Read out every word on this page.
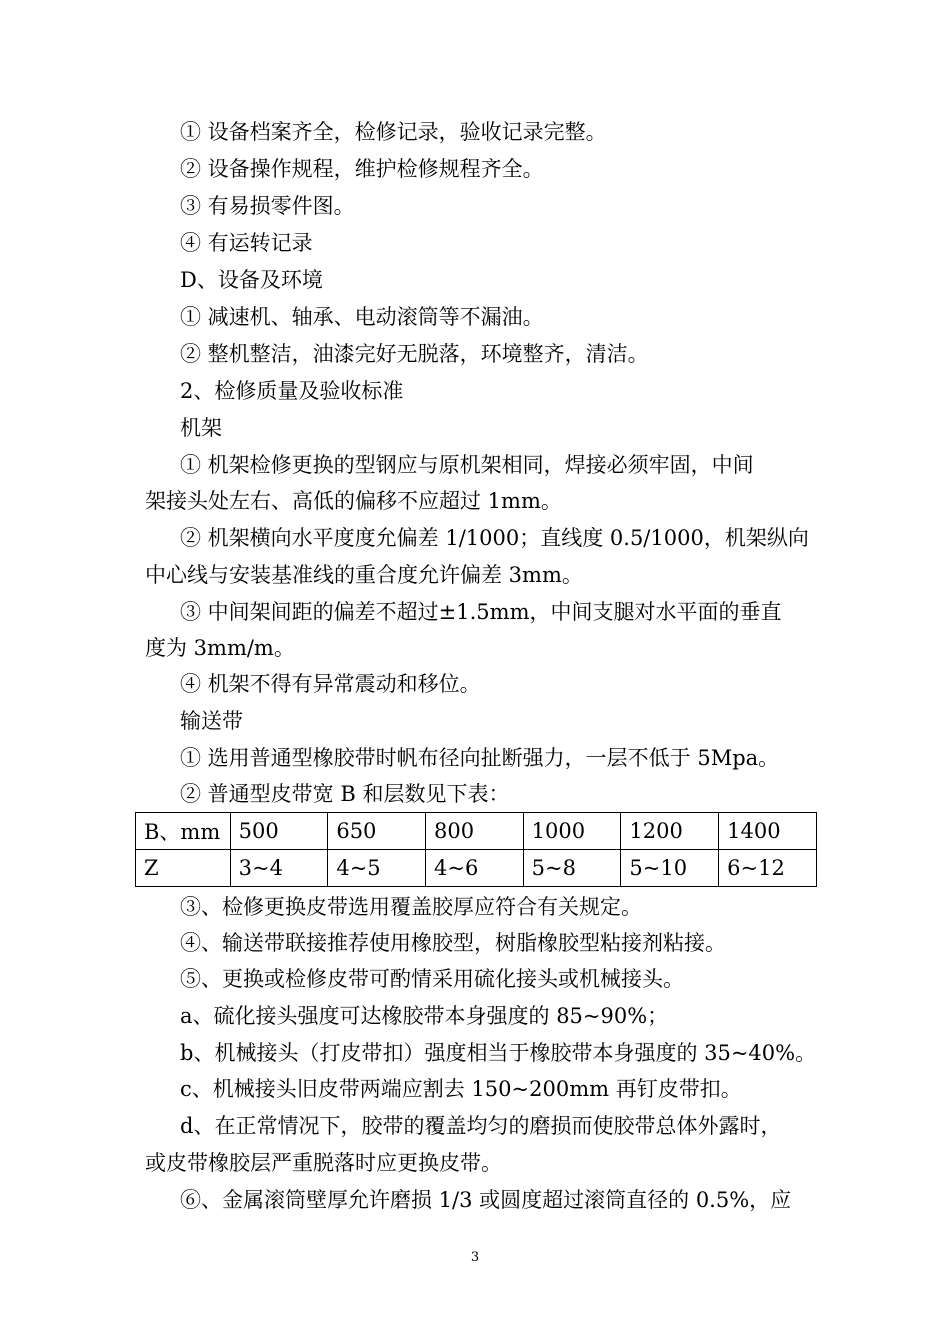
① 设备档案齐全，检修记录，验收记录完整。
② 设备操作规程，维护检修规程齐全。
③ 有易损零件图。
④ 有运转记录
D、设备及环境
① 减速机、轴承、电动滚筒等不漏油。
② 整机整洁，油漆完好无脱落，环境整齐，清洁。
2、检修质量及验收标准
机架
① 机架检修更换的型钢应与原机架相同，焊接必须牢固，中间
架接头处左右、高低的偏移不应超过 1mm。
② 机架横向水平度度允偏差 1/1000；直线度 0.5/1000，机架纵向
中心线与安装基准线的重合度允许偏差 3mm。
③ 中间架间距的偏差不超过±1.5mm，中间支腿对水平面的垂直
度为 3mm/m。
④ 机架不得有异常震动和移位。
输送带
① 选用普通型橡胶带时帆布径向扯断强力，一层不低于 5Mpa。
② 普通型皮带宽 B 和层数见下表：
B、mm	500	650	800	1000	1200	1400
Z	3~4	4~5	4~6	5~8	5~10	6~12
③、检修更换皮带选用覆盖胶厚应符合有关规定。
④、输送带联接推荐使用橡胶型，树脂橡胶型粘接剂粘接。
⑤、更换或检修皮带可酌情采用硫化接头或机械接头。
a、硫化接头强度可达橡胶带本身强度的 85~90%；
b、机械接头（打皮带扣）强度相当于橡胶带本身强度的 35~40%。
c、机械接头旧皮带两端应割去 150~200mm 再钉皮带扣。
d、在正常情况下，胶带的覆盖均匀的磨损而使胶带总体外露时，
或皮带橡胶层严重脱落时应更换皮带。
⑥、金属滚筒壁厚允许磨损 1/3 或圆度超过滚筒直径的 0.5%，应
3
